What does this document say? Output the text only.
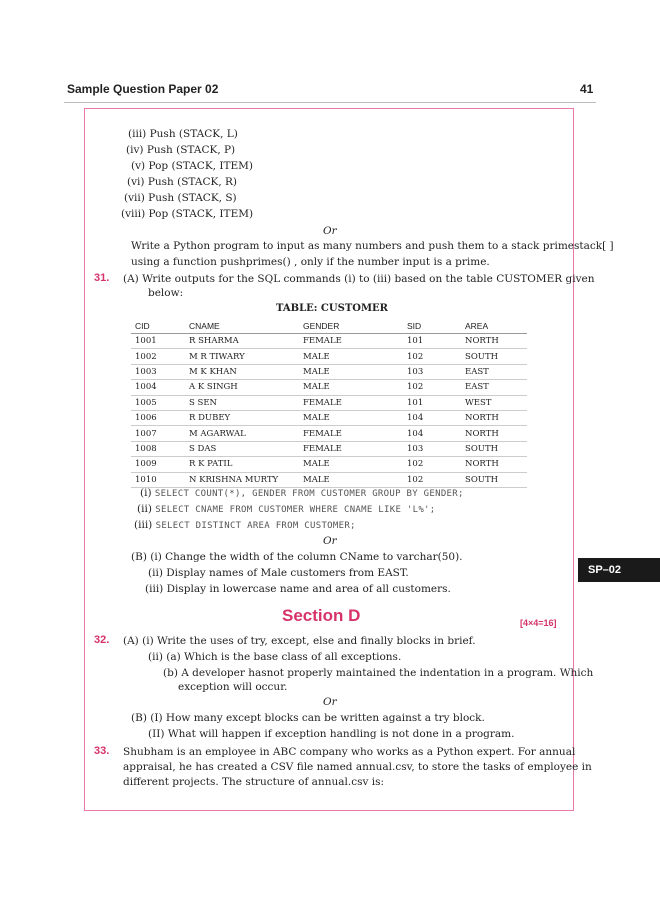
Sample Question Paper 02	41
SP–02
(iii) Push (STACK, L)
(iv) Push (STACK, P)
(v) Pop (STACK, ITEM)
(vi) Push (STACK, R)
(vii) Push (STACK, S)
(viii) Pop (STACK, ITEM)
Or
Write a Python program to input as many numbers and push them to a stack primestack[ ]
using a function pushprimes() , only if the number input is a prime.
31. (A) Write outputs for the SQL commands (i) to (iii) based on the table CUSTOMER given
below:
TABLE: CUSTOMER
CID	CNAME	GENDER	SID	AREA
1001	R SHARMA	FEMALE	101	NORTH
1002	M R TIWARY	MALE	102	SOUTH
1003	M K KHAN	MALE	103	EAST
1004	A K SINGH	MALE	102	EAST
1005	S SEN	FEMALE	101	WEST
1006	R DUBEY	MALE	104	NORTH
1007	M AGARWAL	FEMALE	104	NORTH
1008	S DAS	FEMALE	103	SOUTH
1009	R K PATIL	MALE	102	NORTH
1010	N KRISHNA MURTY	MALE	102	SOUTH
(i) SELECT COUNT(*), GENDER FROM CUSTOMER GROUP BY GENDER;
(ii) SELECT CNAME FROM CUSTOMER WHERE CNAME LIKE 'L%';
(iii) SELECT DISTINCT AREA FROM CUSTOMER;
Or
(B) (i) Change the width of the column CName to varchar(50).
(ii) Display names of Male customers from EAST.
(iii) Display in lowercase name and area of all customers.
Section D	[4×4=16]
32. (A) (i) Write the uses of try, except, else and finally blocks in brief.
(ii) (a) Which is the base class of all exceptions.
(b) A developer hasnot properly maintained the indentation in a program. Which
exception will occur.
Or
(B) (I) How many except blocks can be written against a try block.
(II) What will happen if exception handling is not done in a program.
33. Shubham is an employee in ABC company who works as a Python expert. For annual
appraisal, he has created a CSV file named annual.csv, to store the tasks of employee in
different projects. The structure of annual.csv is:
